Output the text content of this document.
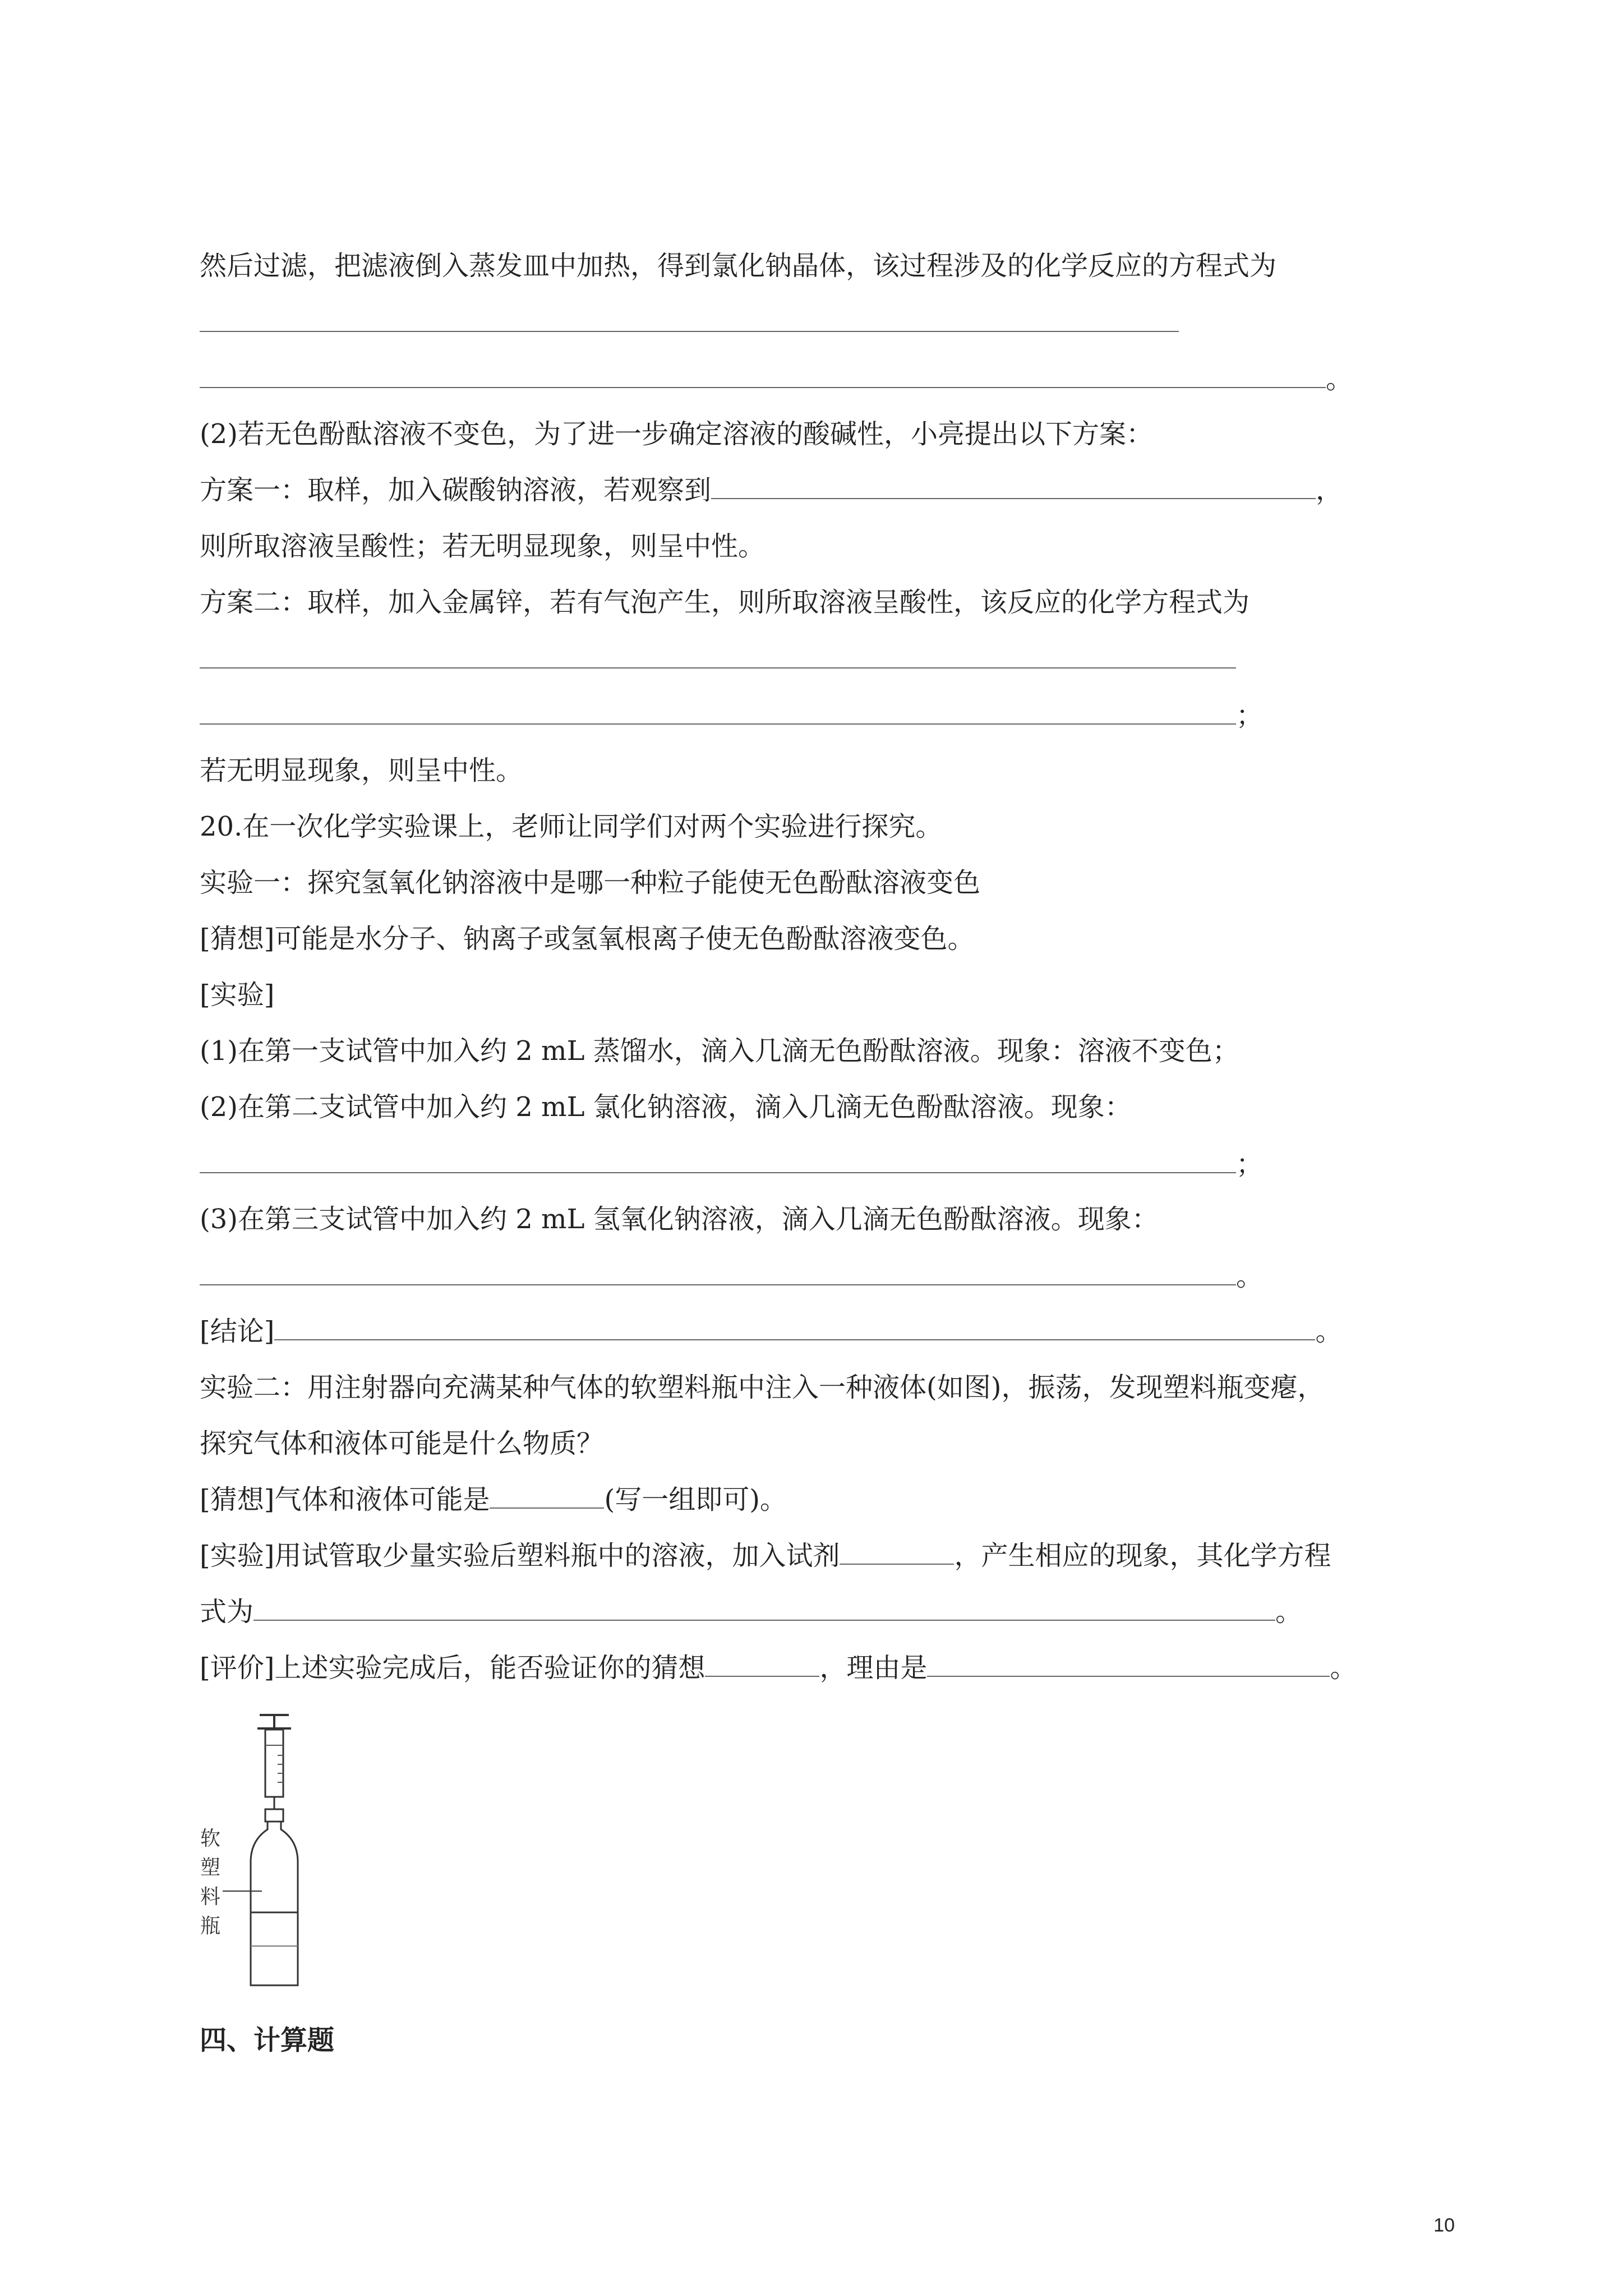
然后过滤，把滤液倒入蒸发皿中加热，得到氯化钠晶体，该过程涉及的化学反应的方程式为
。
(2)若无色酚酞溶液不变色，为了进一步确定溶液的酸碱性，小亮提出以下方案：
方案一：取样，加入碳酸钠溶液，若观察到	，
则所取溶液呈酸性；若无明显现象，则呈中性。
方案二：取样，加入金属锌，若有气泡产生，则所取溶液呈酸性，该反应的化学方程式为
；
若无明显现象，则呈中性。
20.在一次化学实验课上，老师让同学们对两个实验进行探究。
实验一：探究氢氧化钠溶液中是哪一种粒子能使无色酚酞溶液变色
[猜想]可能是水分子、钠离子或氢氧根离子使无色酚酞溶液变色。
[实验]
(1)在第一支试管中加入约 2 mL 蒸馏水，滴入几滴无色酚酞溶液。现象：溶液不变色；
(2)在第二支试管中加入约 2 mL 氯化钠溶液，滴入几滴无色酚酞溶液。现象：
；
(3)在第三支试管中加入约 2 mL 氢氧化钠溶液，滴入几滴无色酚酞溶液。现象：
。
[结论]	。
实验二：用注射器向充满某种气体的软塑料瓶中注入一种液体(如图)，振荡，发现塑料瓶变瘪，
探究气体和液体可能是什么物质？
[猜想]气体和液体可能是	(写一组即可)。
[实验]用试管取少量实验后塑料瓶中的溶液，加入试剂	，产生相应的现象，其化学方程
式为	。
[评价]上述实验完成后，能否验证你的猜想	，理由是	。
软
塑
料
瓶
四、计算题
10
